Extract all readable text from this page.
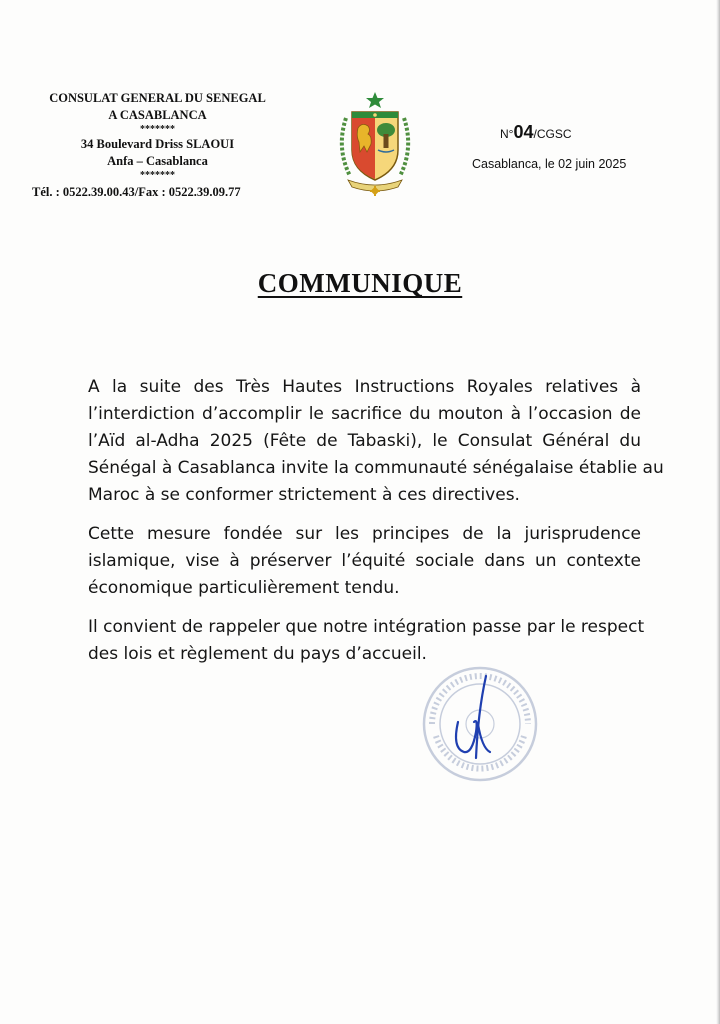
CONSULAT GENERAL DU SENEGAL
A CASABLANCA
*******
34 Boulevard Driss SLAOUI
Anfa – Casablanca
*******
Tél. : 0522.39.00.43/Fax : 0522.39.09.77
N°04/CGSC
Casablanca, le 02 juin 2025
COMMUNIQUE

A la suite des Très Hautes Instructions Royales relatives à
l’interdiction d’accomplir le sacrifice du mouton à l’occasion de
l’Aïd al-Adha 2025 (Fête de Tabaski), le Consulat Général du
Sénégal à Casablanca invite la communauté sénégalaise établie au
Maroc à se conformer strictement à ces directives.

Cette mesure fondée sur les principes de la jurisprudence
islamique, vise à préserver l’équité sociale dans un contexte
économique particulièrement tendu.

Il convient de rappeler que notre intégration passe par le respect
des lois et règlement du pays d’accueil.
